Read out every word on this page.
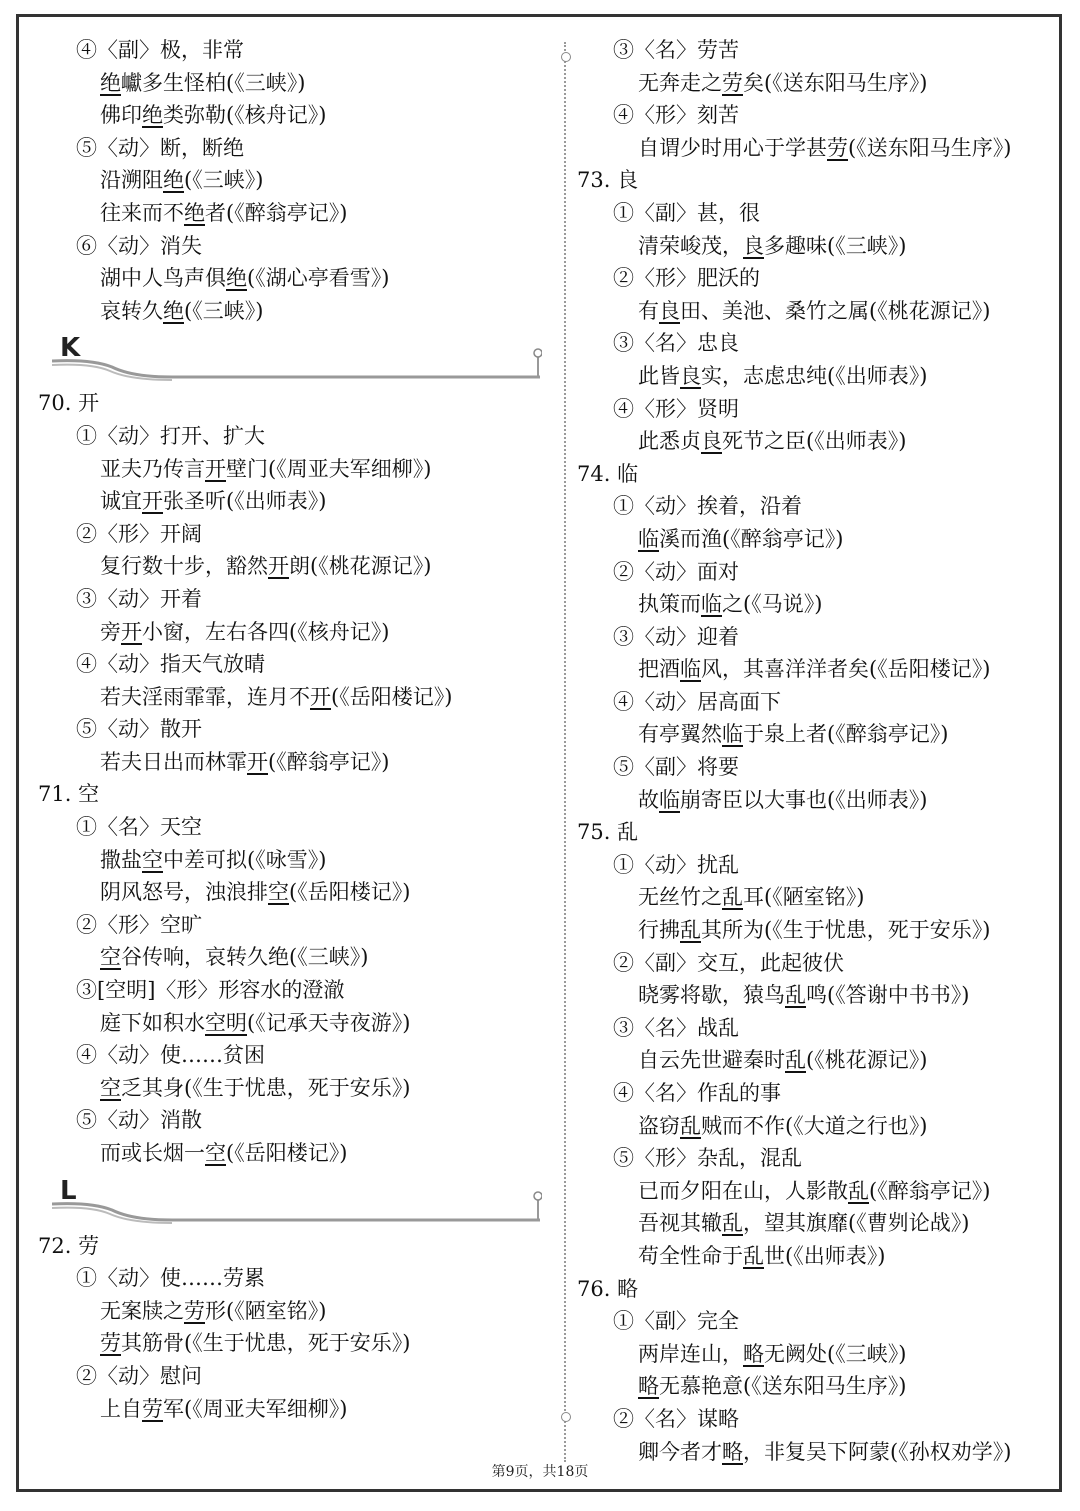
④〈副〉极，非常
绝巘多生怪柏(《三峡》)
佛印绝类弥勒(《核舟记》)
⑤〈动〉断，断绝
沿溯阻绝(《三峡》)
往来而不绝者(《醉翁亭记》)
⑥〈动〉消失
湖中人鸟声俱绝(《湖心亭看雪》)
哀转久绝(《三峡》)
K
70. 开
①〈动〉打开、扩大
亚夫乃传言开壁门(《周亚夫军细柳》)
诚宜开张圣听(《出师表》)
②〈形〉开阔
复行数十步，豁然开朗(《桃花源记》)
③〈动〉开着
旁开小窗，左右各四(《核舟记》)
④〈动〉指天气放晴
若夫淫雨霏霏，连月不开(《岳阳楼记》)
⑤〈动〉散开
若夫日出而林霏开(《醉翁亭记》)
71. 空
①〈名〉天空
撒盐空中差可拟(《咏雪》)
阴风怒号，浊浪排空(《岳阳楼记》)
②〈形〉空旷
空谷传响，哀转久绝(《三峡》)
③[空明]〈形〉形容水的澄澈
庭下如积水空明(《记承天寺夜游》)
④〈动〉使……贫困
空乏其身(《生于忧患，死于安乐》)
⑤〈动〉消散
而或长烟一空(《岳阳楼记》)
L
72. 劳
①〈动〉使……劳累
无案牍之劳形(《陋室铭》)
劳其筋骨(《生于忧患，死于安乐》)
②〈动〉慰问
上自劳军(《周亚夫军细柳》)
③〈名〉劳苦
无奔走之劳矣(《送东阳马生序》)
④〈形〉刻苦
自谓少时用心于学甚劳(《送东阳马生序》)
73. 良
①〈副〉甚，很
清荣峻茂，良多趣味(《三峡》)
②〈形〉肥沃的
有良田、美池、桑竹之属(《桃花源记》)
③〈名〉忠良
此皆良实，志虑忠纯(《出师表》)
④〈形〉贤明
此悉贞良死节之臣(《出师表》)
74. 临
①〈动〉挨着，沿着
临溪而渔(《醉翁亭记》)
②〈动〉面对
执策而临之(《马说》)
③〈动〉迎着
把酒临风，其喜洋洋者矣(《岳阳楼记》)
④〈动〉居高面下
有亭翼然临于泉上者(《醉翁亭记》)
⑤〈副〉将要
故临崩寄臣以大事也(《出师表》)
75. 乱
①〈动〉扰乱
无丝竹之乱耳(《陋室铭》)
行拂乱其所为(《生于忧患，死于安乐》)
②〈副〉交互，此起彼伏
晓雾将歇，猿鸟乱鸣(《答谢中书书》)
③〈名〉战乱
自云先世避秦时乱(《桃花源记》)
④〈名〉作乱的事
盗窃乱贼而不作(《大道之行也》)
⑤〈形〉杂乱，混乱
已而夕阳在山，人影散乱(《醉翁亭记》)
吾视其辙乱，望其旗靡(《曹刿论战》)
苟全性命于乱世(《出师表》)
76. 略
①〈副〉完全
两岸连山，略无阙处(《三峡》)
略无慕艳意(《送东阳马生序》)
②〈名〉谋略
卿今者才略，非复吴下阿蒙(《孙权劝学》)
第9页，共18页
